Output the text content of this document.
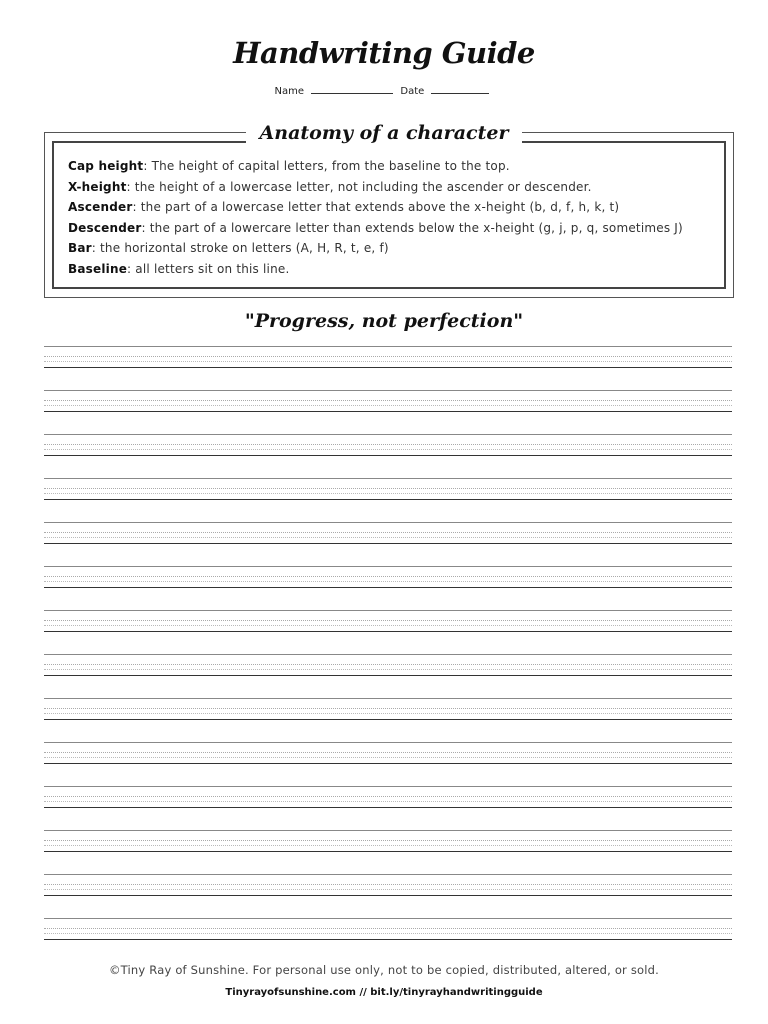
Handwriting Guide
Name	Date
Anatomy of a character
Cap height: The height of capital letters, from the baseline to the top.
X-height: the height of a lowercase letter, not including the ascender or descender.
Ascender: the part of a lowercase letter that extends above the x-height (b, d, f, h, k, t)
Descender: the part of a lowercare letter than extends below the x-height (g, j, p, q, sometimes J)
Bar: the horizontal stroke on letters (A, H, R, t, e, f)
Baseline: all letters sit on this line.
"Progress, not perfection"
©Tiny Ray of Sunshine. For personal use only, not to be copied, distributed, altered, or sold.
Tinyrayofsunshine.com // bit.ly/tinyrayhandwritingguide
